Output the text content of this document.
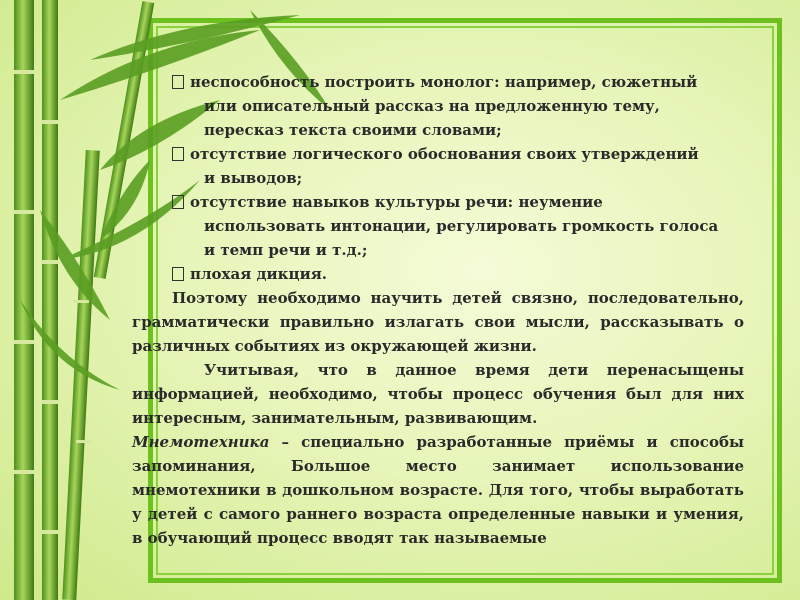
неспособность построить монолог: например, сюжетный
или описательный рассказ на предложенную тему,
пересказ текста своими словами;
отсутствие логического обоснования своих утверждений
и выводов;
отсутствие навыков культуры речи: неумение
использовать интонации, регулировать громкость голоса
и темп речи и т.д.;
плохая дикция.
Поэтому необходимо научить детей связно, последовательно, грамматически правильно излагать свои мысли, рассказывать о различных событиях из окружающей жизни.
Учитывая, что в данное время дети перенасыщены информацией, необходимо, чтобы процесс обучения был для них интересным, занимательным, развивающим.
Мнемотехника – специально разработанные приёмы и способы запоминания, Большое место занимает использование мнемотехники в дошкольном возрасте. Для того, чтобы выработать у детей с самого раннего возраста определенные навыки и умения, в обучающий процесс вводят так называемые
